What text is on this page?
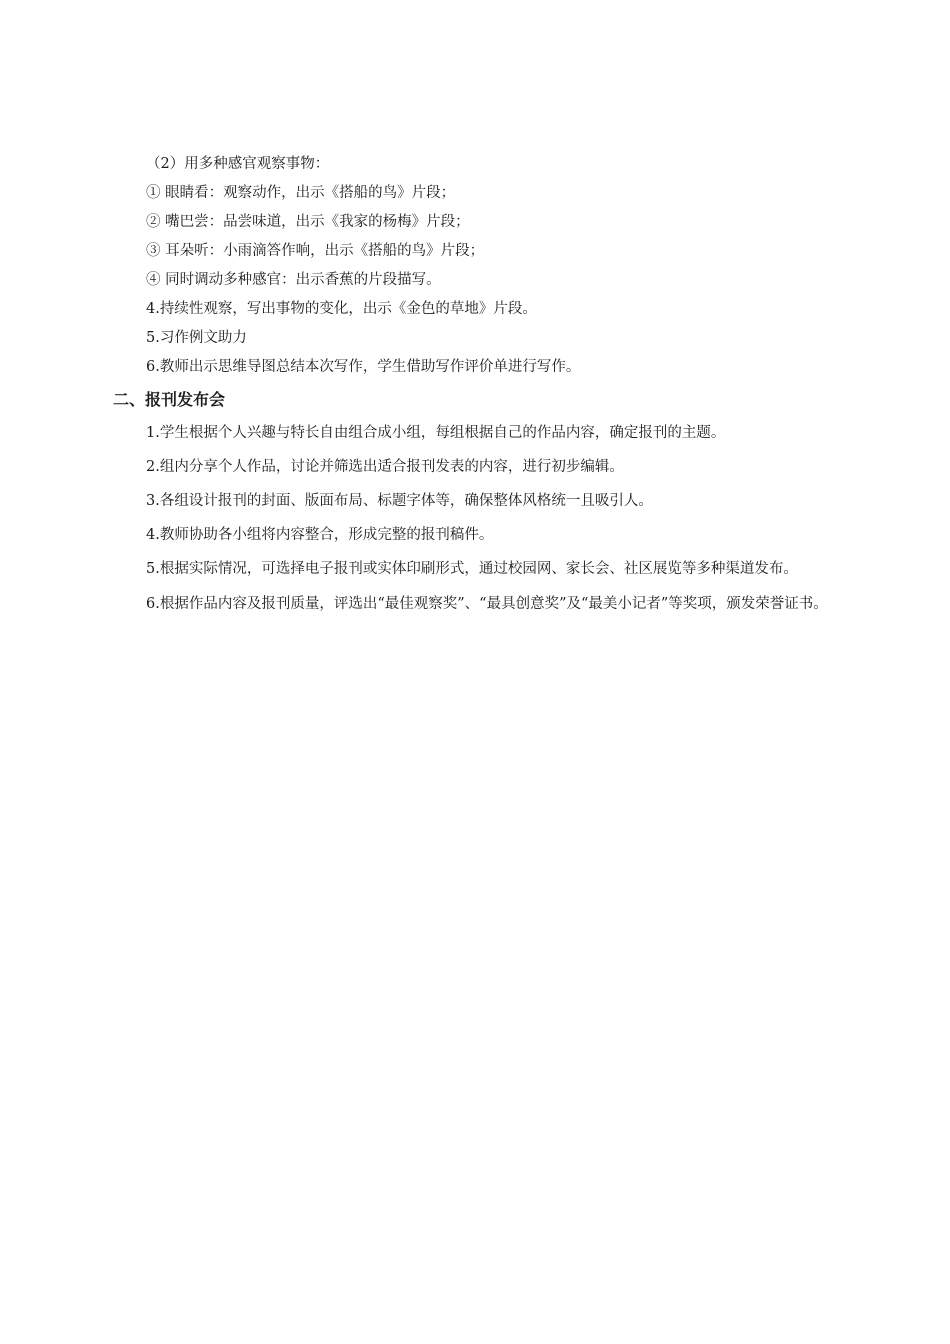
（2）用多种感官观察事物：
① 眼睛看：观察动作，出示《搭船的鸟》片段；
② 嘴巴尝：品尝味道，出示《我家的杨梅》片段；
③ 耳朵听：小雨滴答作响，出示《搭船的鸟》片段；
④ 同时调动多种感官：出示香蕉的片段描写。
4.持续性观察，写出事物的变化，出示《金色的草地》片段。
5.习作例文助力
6.教师出示思维导图总结本次写作，学生借助写作评价单进行写作。
二、报刊发布会
1.学生根据个人兴趣与特长自由组合成小组，每组根据自己的作品内容，确定报刊的主题。
2.组内分享个人作品，讨论并筛选出适合报刊发表的内容，进行初步编辑。
3.各组设计报刊的封面、版面布局、标题字体等，确保整体风格统一且吸引人。
4.教师协助各小组将内容整合，形成完整的报刊稿件。
5.根据实际情况，可选择电子报刊或实体印刷形式，通过校园网、家长会、社区展览等多种渠道发布。
6.根据作品内容及报刊质量，评选出“最佳观察奖”、“最具创意奖”及“最美小记者”等奖项，颁发荣誉证书。
